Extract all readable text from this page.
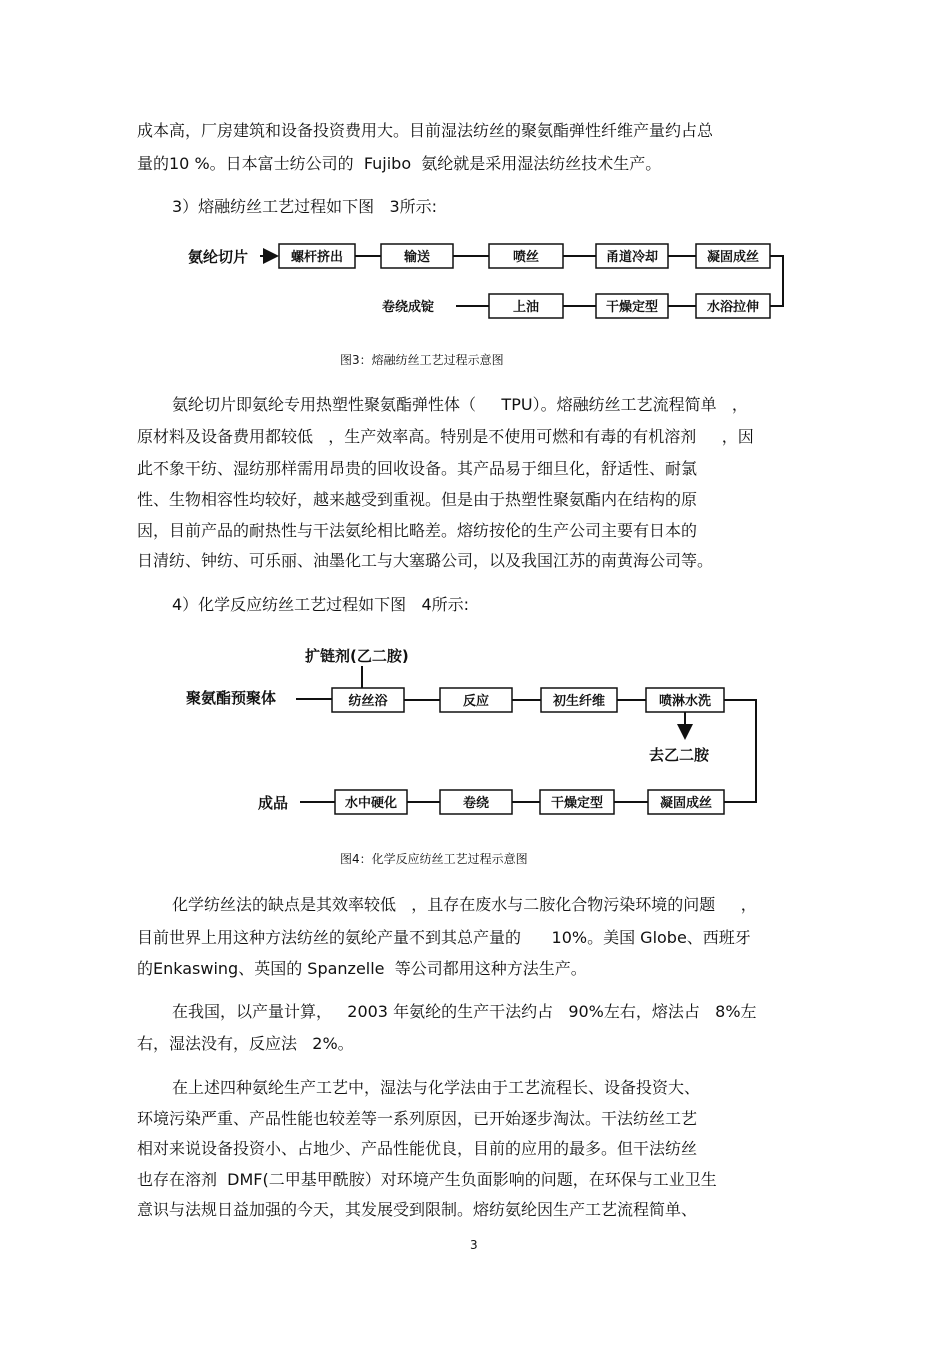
成本高，厂房建筑和设备投资费用大。目前湿法纺丝的聚氨酯弹性纤维产量约占总
量的10 %。日本富士纺公司的  Fujibo  氨纶就是采用湿法纺丝技术生产。
3）熔融纺丝工艺过程如下图   3所示:
氨纶切片	螺杆挤出	输送	喷丝	甬道冷却	凝固成丝
水浴拉伸
干燥定型
上油
卷绕成锭
图3：熔融纺丝工艺过程示意图
氨纶切片即氨纶专用热塑性聚氨酯弹性体（     TPU）。熔融纺丝工艺流程简单   ，
原材料及设备费用都较低   ，生产效率高。特别是不使用可燃和有毒的有机溶剂     ，因
此不象干纺、湿纺那样需用昂贵的回收设备。其产品易于细旦化，舒适性、耐氯
性、生物相容性均较好，越来越受到重视。但是由于热塑性聚氨酯内在结构的原
因，目前产品的耐热性与干法氨纶相比略差。熔纺按伦的生产公司主要有日本的
日清纺、钟纺、可乐丽、油墨化工与大塞璐公司，以及我国江苏的南黄海公司等。
4）化学反应纺丝工艺过程如下图   4所示:
扩链剂(乙二胺)
聚氨酯预聚体	纺丝浴	反应	初生纤维	喷淋水洗
去乙二胺
凝固成丝
干燥定型
卷绕
水中硬化
成品
图4：化学反应纺丝工艺过程示意图
化学纺丝法的缺点是其效率较低   ，且存在废水与二胺化合物污染环境的问题     ，
目前世界上用这种方法纺丝的氨纶产量不到其总产量的      10%。美国 Globe、西班牙
的Enkaswing、英国的 Spanzelle  等公司都用这种方法生产。
在我国，以产量计算，   2003 年氨纶的生产干法约占   90%左右，熔法占   8%左
右，湿法没有，反应法   2%。
在上述四种氨纶生产工艺中，湿法与化学法由于工艺流程长、设备投资大、
环境污染严重、产品性能也较差等一系列原因，已开始逐步淘汰。干法纺丝工艺
相对来说设备投资小、占地少、产品性能优良，目前的应用的最多。但干法纺丝
也存在溶剂  DMF(二甲基甲酰胺）对环境产生负面影响的问题，在环保与工业卫生
意识与法规日益加强的今天，其发展受到限制。熔纺氨纶因生产工艺流程简单、
3
